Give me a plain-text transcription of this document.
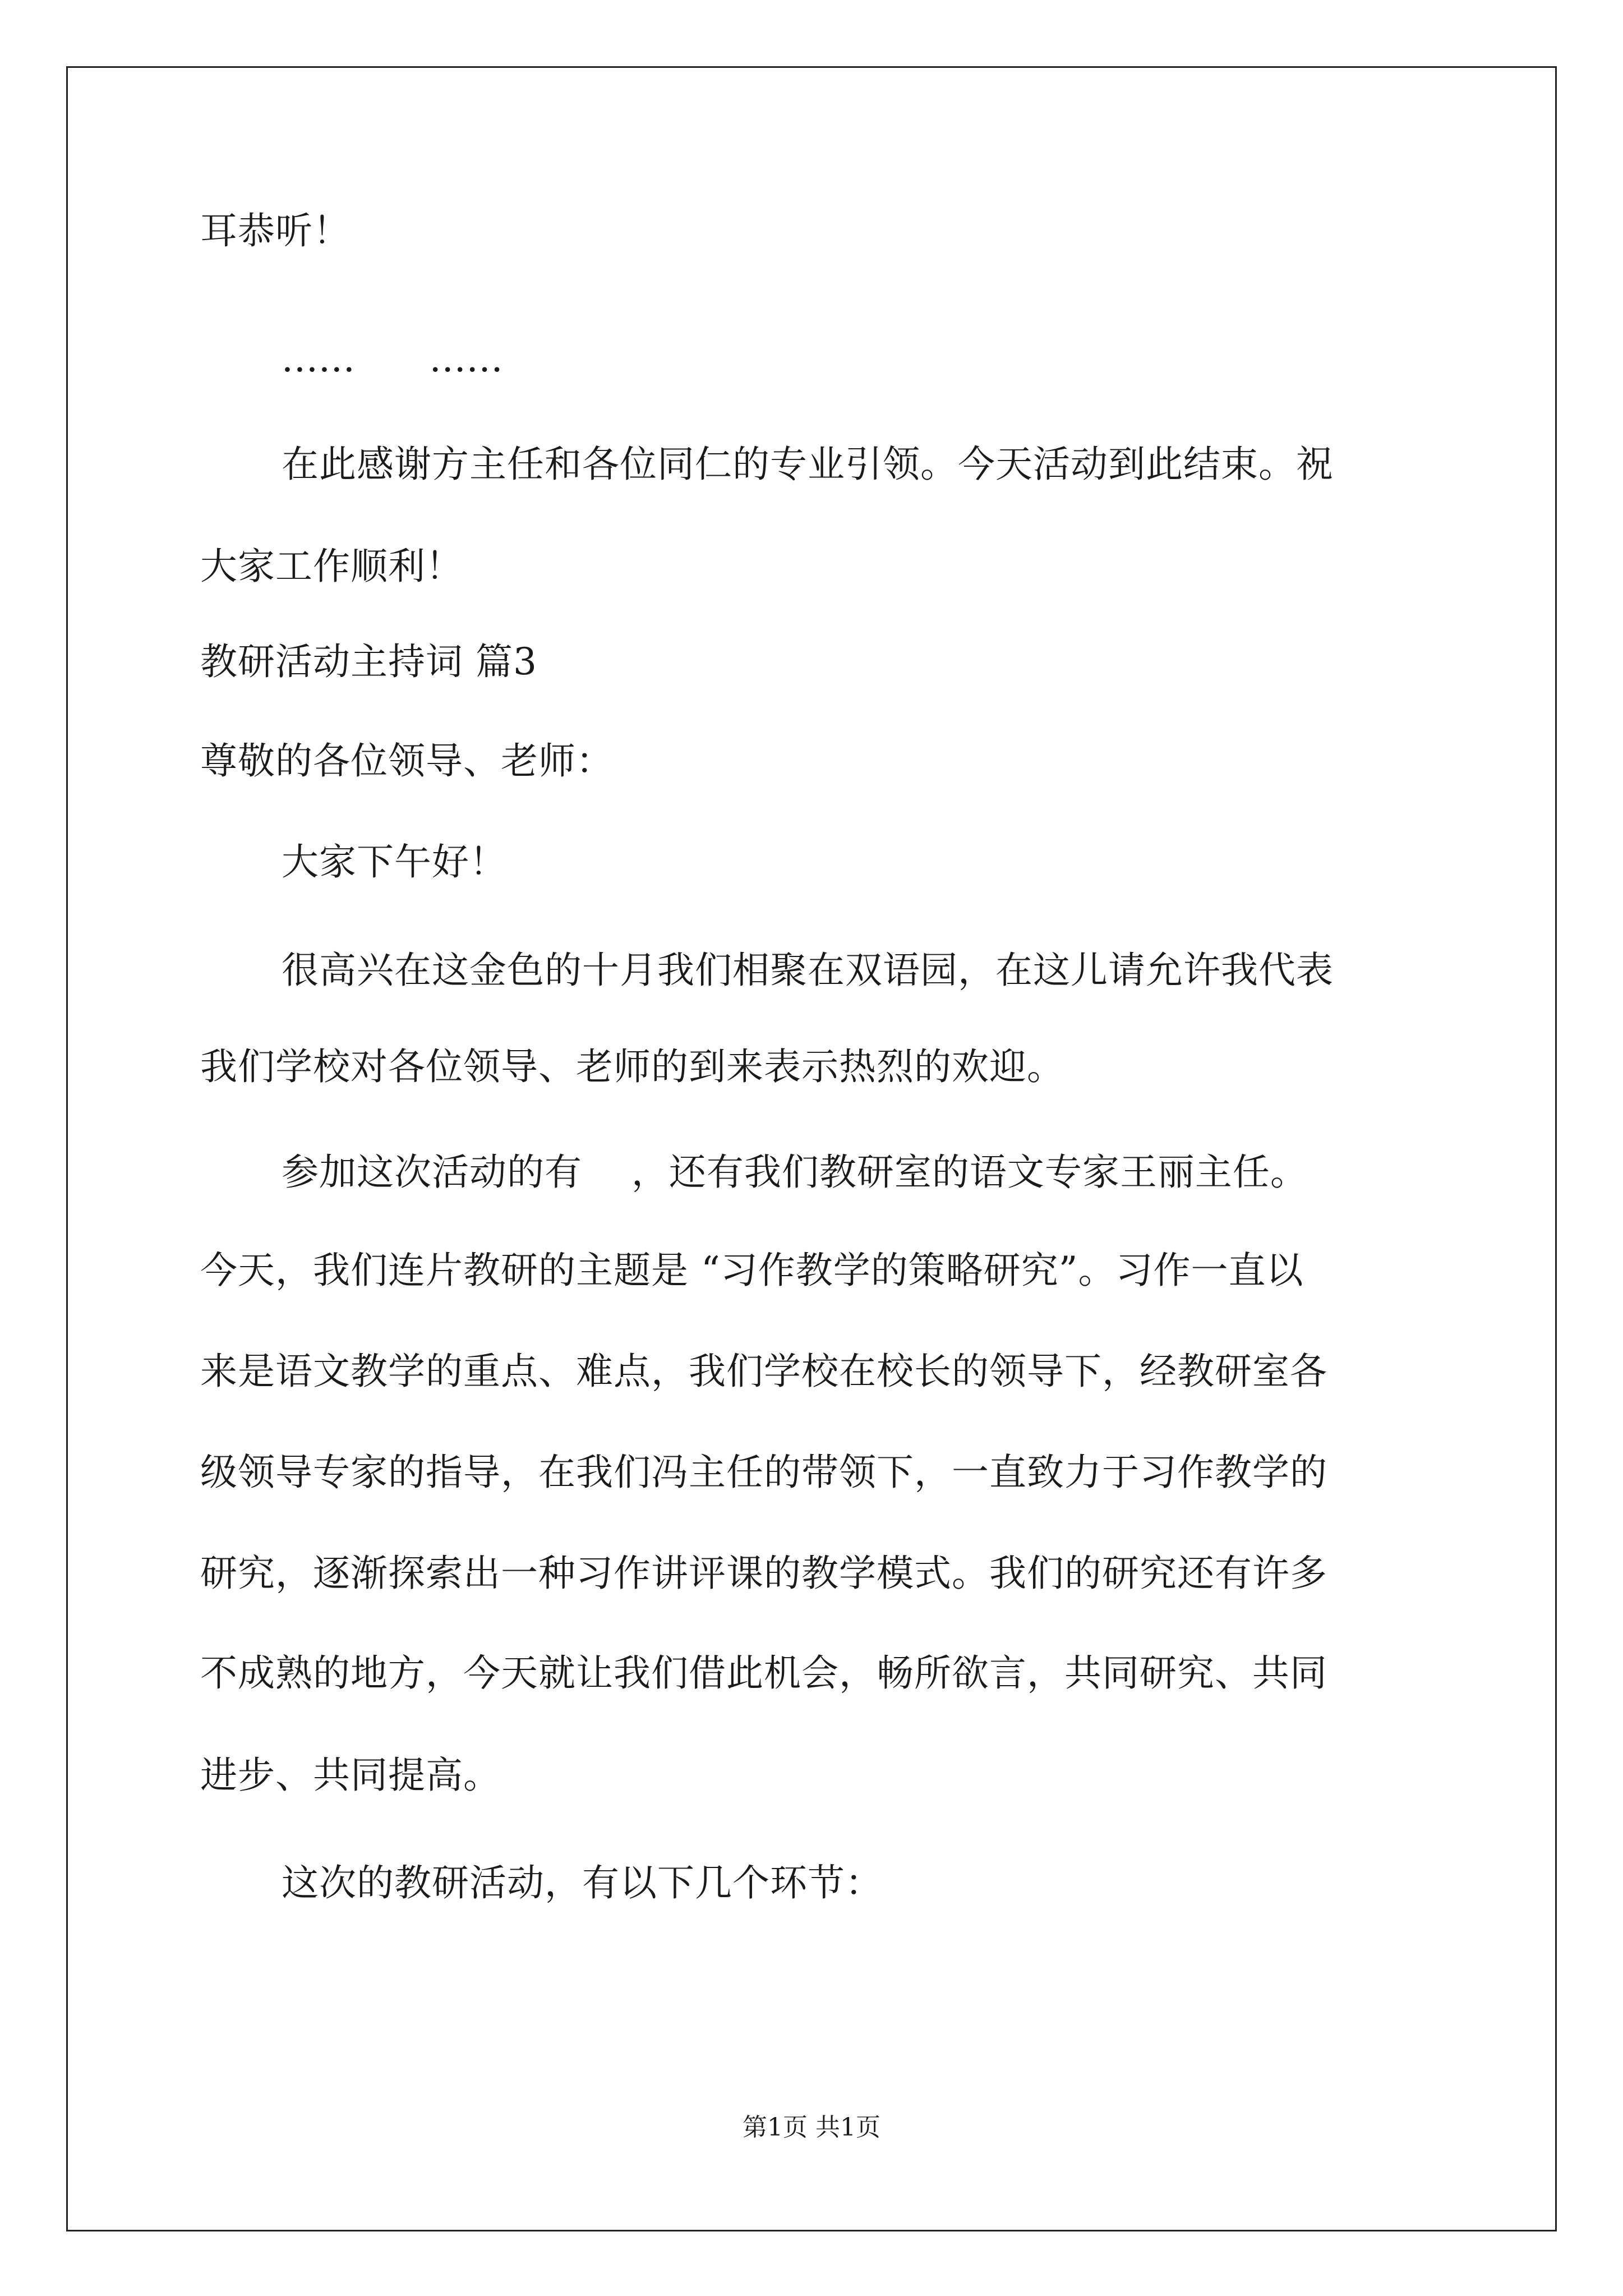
耳恭听！
······      ······
在此感谢方主任和各位同仁的专业引领。今天活动到此结束。祝
大家工作顺利！
教研活动主持词 篇3
尊敬的各位领导、老师：
大家下午好！
很高兴在这金色的十月我们相聚在双语园，在这儿请允许我代表
我们学校对各位领导、老师的到来表示热烈的欢迎。
参加这次活动的有    ，还有我们教研室的语文专家王丽主任。
今天，我们连片教研的主题是 “习作教学的策略研究”。习作一直以
来是语文教学的重点、难点，我们学校在校长的领导下，经教研室各
级领导专家的指导，在我们冯主任的带领下，一直致力于习作教学的
研究，逐渐探索出一种习作讲评课的教学模式。我们的研究还有许多
不成熟的地方，今天就让我们借此机会，畅所欲言，共同研究、共同
进步、共同提高。
这次的教研活动，有以下几个环节：
第1页 共1页
